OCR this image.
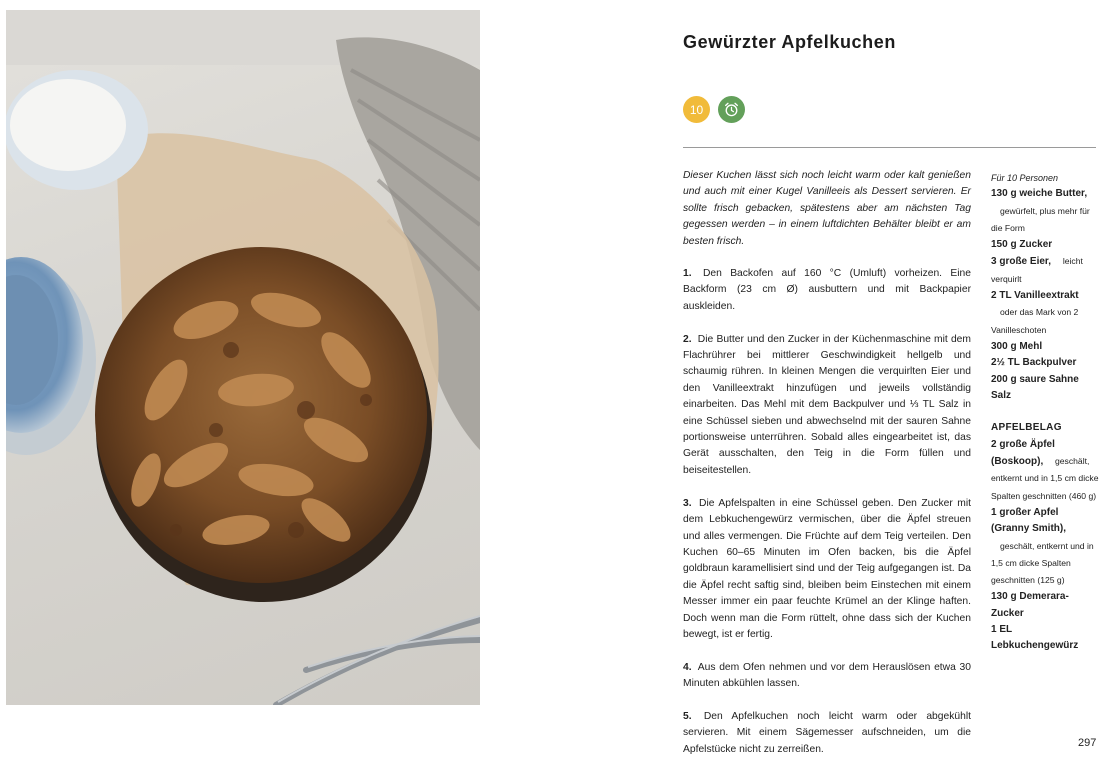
Gewürzter Apfelkuchen
10

Dieser Kuchen lässt sich noch leicht warm oder kalt genießen und auch mit einer Kugel Vanilleeis als Dessert servieren. Er sollte frisch gebacken, spätestens aber am nächsten Tag gegessen werden – in einem luftdichten Behälter bleibt er am besten frisch.

1. Den Backofen auf 160 °C (Umluft) vorheizen. Eine Backform (23 cm Ø) ausbuttern und mit Backpapier auskleiden.

2. Die Butter und den Zucker in der Küchenmaschine mit dem Flachrührer bei mittlerer Geschwindigkeit hellgelb und schaumig rühren. In kleinen Mengen die verquirlten Eier und den Vanilleextrakt hinzufügen und jeweils vollständig einarbeiten. Das Mehl mit dem Backpulver und ⅓ TL Salz in eine Schüssel sieben und abwechselnd mit der sauren Sahne portionsweise unterrühren. Sobald alles eingearbeitet ist, das Gerät ausschalten, den Teig in die Form füllen und beiseitestellen.

3. Die Apfelspalten in eine Schüssel geben. Den Zucker mit dem Lebkuchengewürz vermischen, über die Äpfel streuen und alles vermengen. Die Früchte auf dem Teig verteilen. Den Kuchen 60–65 Minuten im Ofen backen, bis die Äpfel goldbraun karamellisiert sind und der Teig aufgegangen ist. Da die Äpfel recht saftig sind, bleiben beim Einstechen mit einem Messer immer ein paar feuchte Krümel an der Klinge haften. Doch wenn man die Form rüttelt, ohne dass sich der Kuchen bewegt, ist er fertig.

4. Aus dem Ofen nehmen und vor dem Herauslösen etwa 30 Minuten abkühlen lassen.

5. Den Apfelkuchen noch leicht warm oder abgekühlt servieren. Mit einem Sägemesser aufschneiden, um die Apfelstücke nicht zu zerreißen.

Für 10 Personen

130 g weiche Butter, gewürfelt, plus mehr für die Form

150 g Zucker

3 große Eier, leicht verquirlt

2 TL Vanilleextrakt oder das Mark von 2 Vanilleschoten

300 g Mehl

2½ TL Backpulver

200 g saure Sahne

Salz

APFELBELAG

2 große Äpfel (Boskoop), geschält, entkernt und in 1,5 cm dicke Spalten geschnitten (460 g)

1 großer Apfel (Granny Smith), geschält, entkernt und in 1,5 cm dicke Spalten geschnitten (125 g)

130 g Demerara-Zucker

1 EL Lebkuchengewürz

297
